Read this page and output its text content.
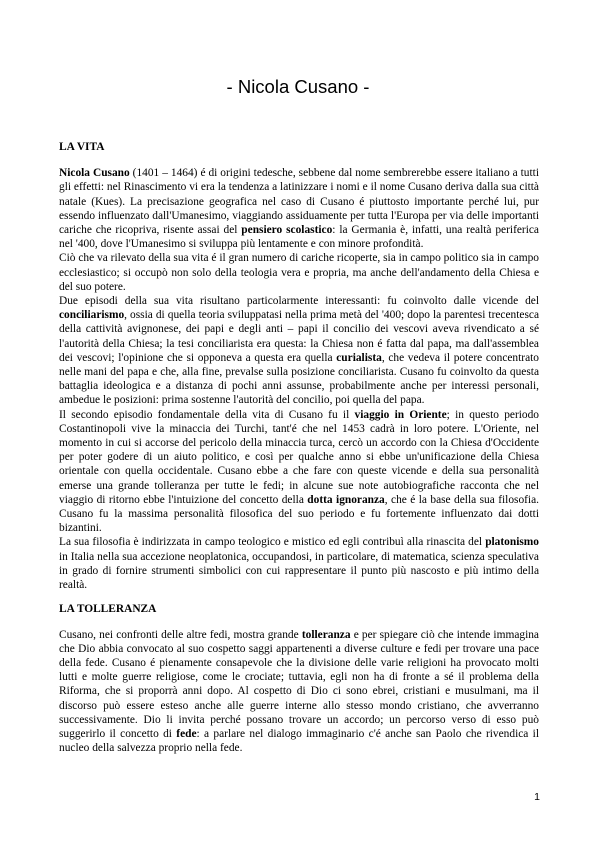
- Nicola Cusano -
LA VITA

Nicola Cusano (1401 – 1464) é di origini tedesche, sebbene dal nome sembrerebbe essere italiano a tutti gli effetti: nel Rinascimento vi era la tendenza a latinizzare i nomi e il nome Cusano deriva dalla sua città natale (Kues). La precisazione geografica nel caso di Cusano é piuttosto importante perché lui, pur essendo influenzato dall'Umanesimo, viaggiando assiduamente per tutta l'Europa per via delle importanti cariche che ricopriva, risente assai del pensiero scolastico: la Germania è, infatti, una realtà periferica nel '400, dove l'Umanesimo si sviluppa più lentamente e con minore profondità.

Ciò che va rilevato della sua vita é il gran numero di cariche ricoperte, sia in campo politico sia in campo ecclesiastico; si occupò non solo della teologia vera e propria, ma anche dell'andamento della Chiesa e del suo potere.

Due episodi della sua vita risultano particolarmente interessanti: fu coinvolto dalle vicende del conciliarismo, ossia di quella teoria sviluppatasi nella prima metà del '400; dopo la parentesi trecentesca della cattività avignonese, dei papi e degli anti – papi il concilio dei vescovi aveva rivendicato a sé l'autorità della Chiesa; la tesi conciliarista era questa: la Chiesa non é fatta dal papa, ma dall'assemblea dei vescovi; l'opinione che si opponeva a questa era quella curialista, che vedeva il potere concentrato nelle mani del papa e che, alla fine, prevalse sulla posizione conciliarista. Cusano fu coinvolto da questa battaglia ideologica e a distanza di pochi anni assunse, probabilmente anche per interessi personali, ambedue le posizioni: prima sostenne l'autorità del concilio, poi quella del papa.

Il secondo episodio fondamentale della vita di Cusano fu il viaggio in Oriente; in questo periodo Costantinopoli vive la minaccia dei Turchi, tant'é che nel 1453 cadrà in loro potere. L'Oriente, nel momento in cui si accorse del pericolo della minaccia turca, cercò un accordo con la Chiesa d'Occidente per poter godere di un aiuto politico, e così per qualche anno si ebbe un'unificazione della Chiesa orientale con quella occidentale. Cusano ebbe a che fare con queste vicende e della sua personalità emerse una grande tolleranza per tutte le fedi; in alcune sue note autobiografiche racconta che nel viaggio di ritorno ebbe l'intuizione del concetto della dotta ignoranza, che é la base della sua filosofia. Cusano fu la massima personalità filosofica del suo periodo e fu fortemente influenzato dai dotti bizantini.

La sua filosofia è indirizzata in campo teologico e mistico ed egli contribuì alla rinascita del platonismo in Italia nella sua accezione neoplatonica, occupandosi, in particolare, di matematica, scienza speculativa in grado di fornire strumenti simbolici con cui rappresentare il punto più nascosto e più intimo della realtà.

LA TOLLERANZA

Cusano, nei confronti delle altre fedi, mostra grande tolleranza e per spiegare ciò che intende immagina che Dio abbia convocato al suo cospetto saggi appartenenti a diverse culture e fedi per trovare una pace della fede. Cusano é pienamente consapevole che la divisione delle varie religioni ha provocato molti lutti e molte guerre religiose, come le crociate; tuttavia, egli non ha di fronte a sé il problema della Riforma, che si proporrà anni dopo. Al cospetto di Dio ci sono ebrei, cristiani e musulmani, ma il discorso può essere esteso anche alle guerre interne allo stesso mondo cristiano, che avverranno successivamente. Dio li invita perché possano trovare un accordo; un percorso verso di esso può suggerirlo il concetto di fede: a parlare nel dialogo immaginario c'é anche san Paolo che rivendica il nucleo della salvezza proprio nella fede.

1
